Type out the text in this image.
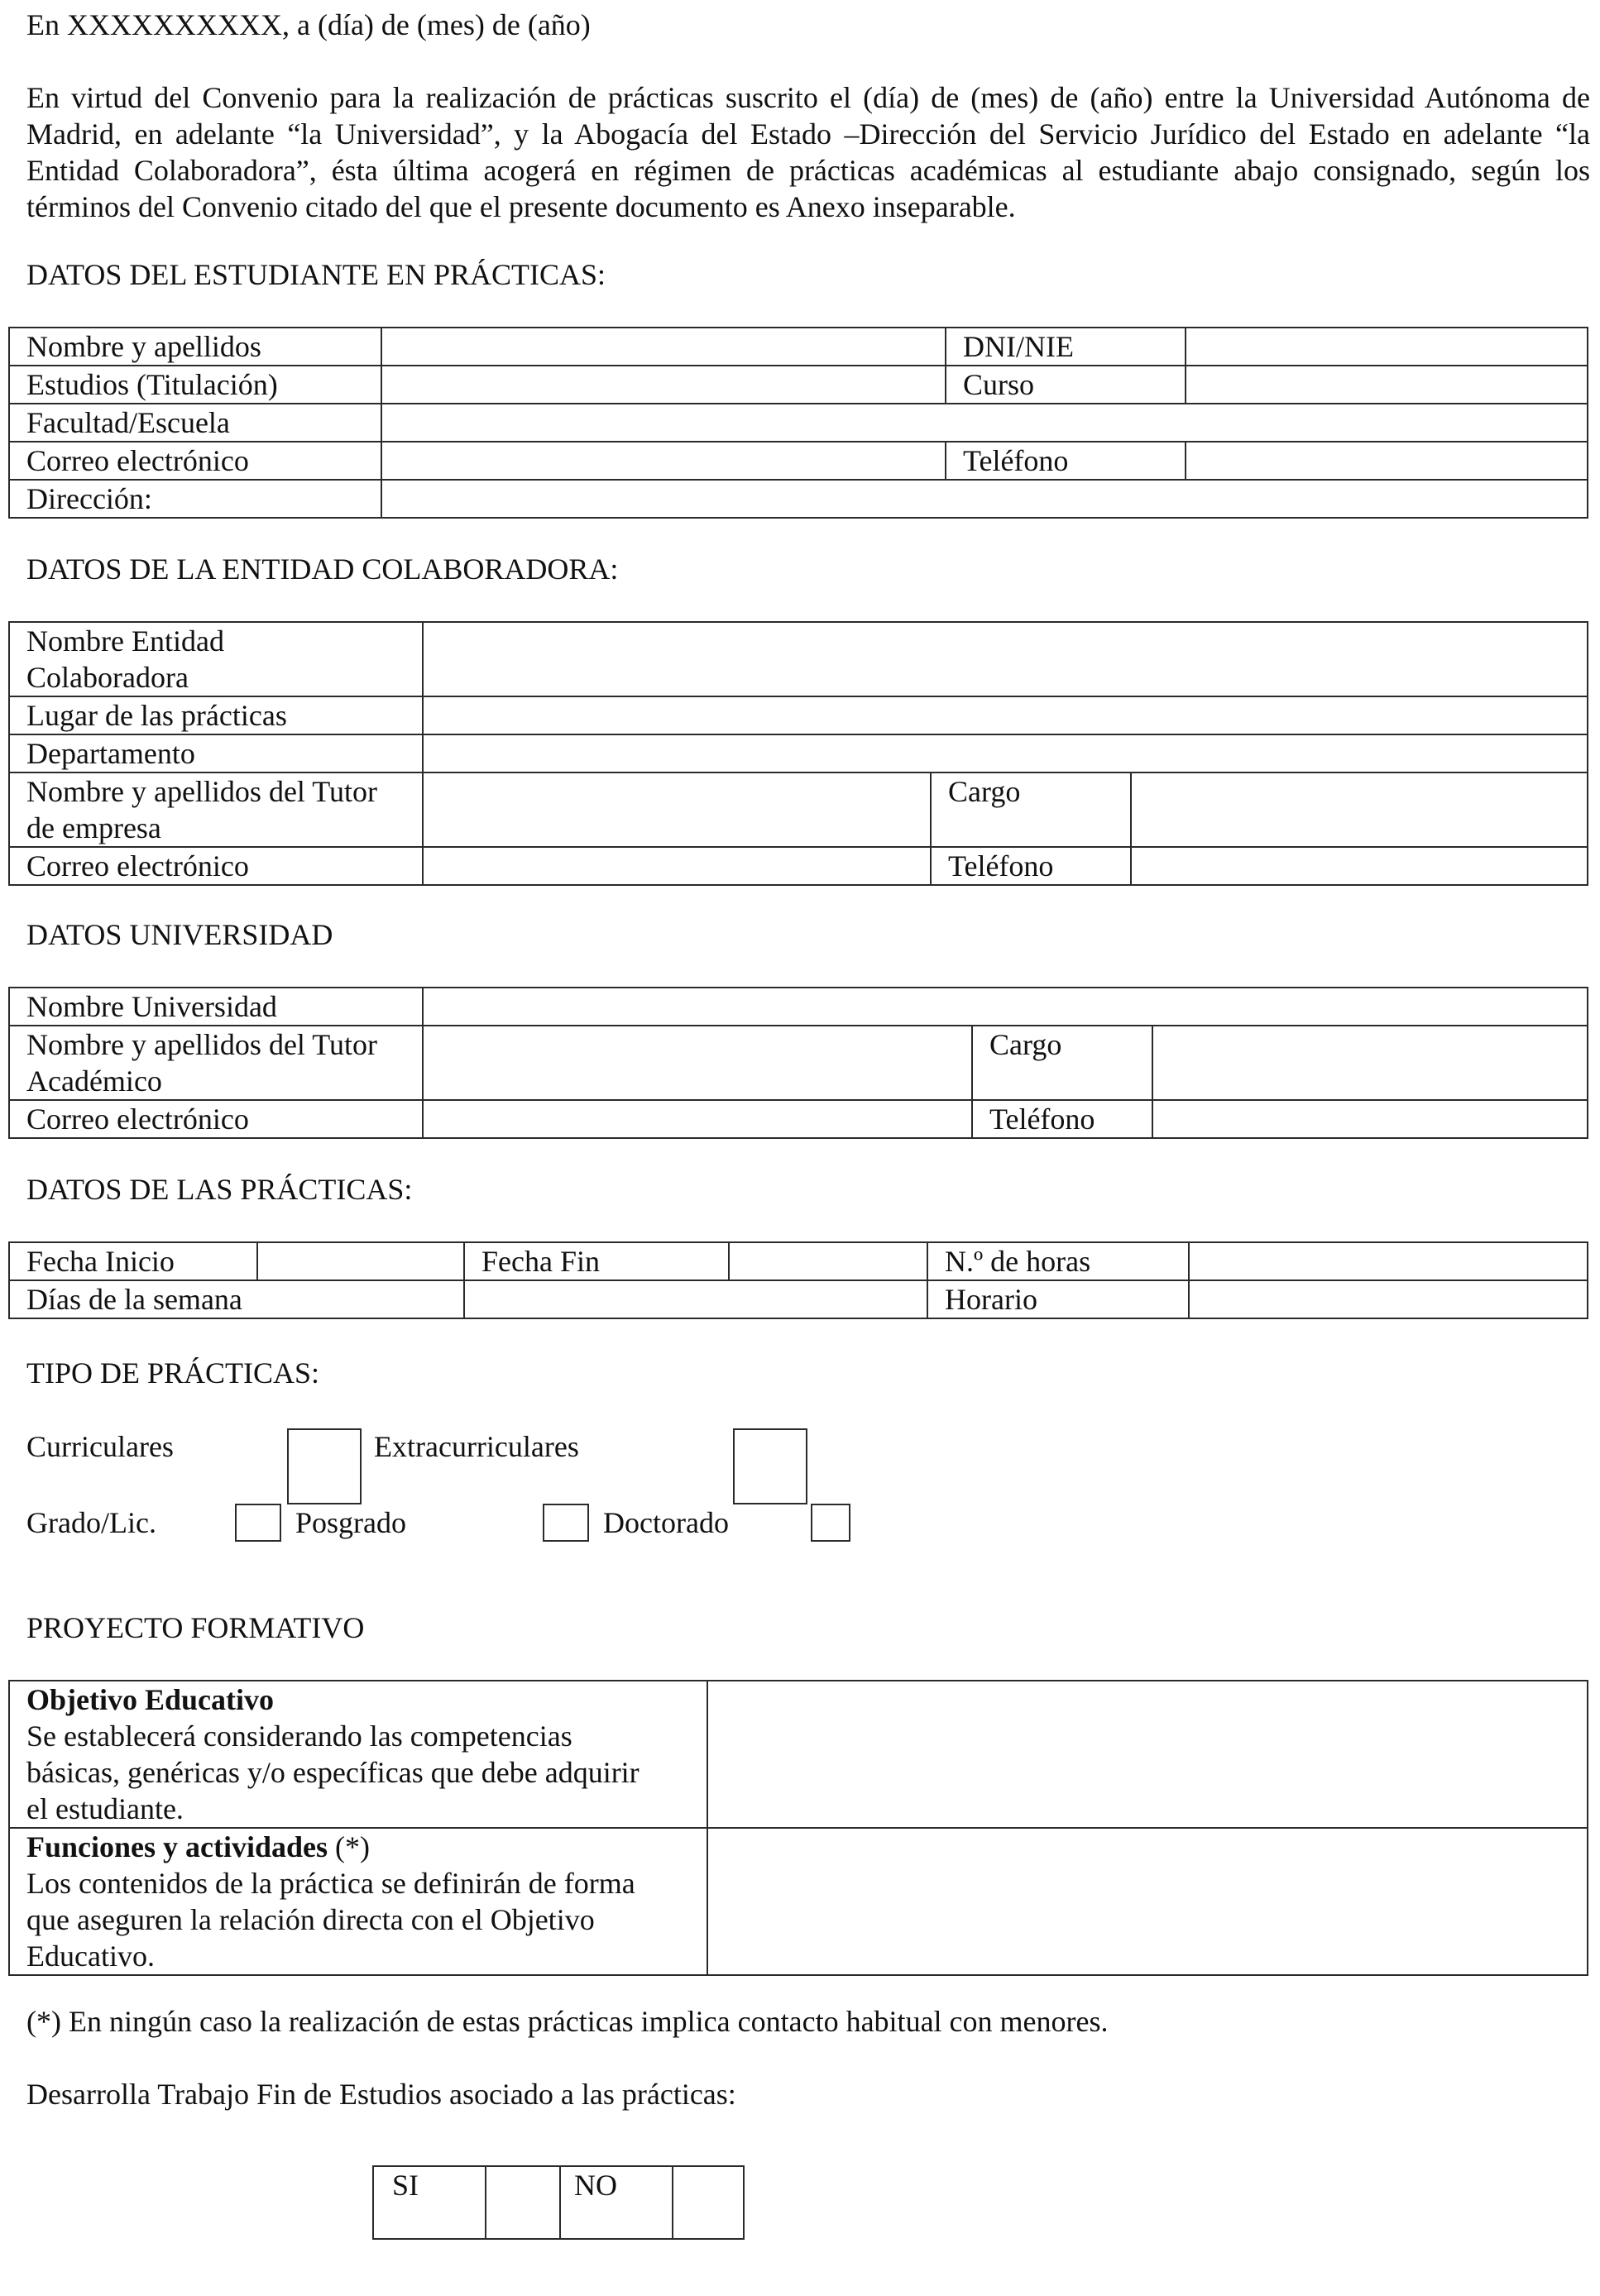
En XXXXXXXXXX, a (día) de (mes) de (año)
En virtud del Convenio para la realización de prácticas suscrito el (día) de (mes) de (año) entre la Universidad Autónoma de Madrid, en adelante “la Universidad”, y la Abogacía del Estado –Dirección del Servicio Jurídico del Estado en adelante “la Entidad Colaboradora”, ésta última acogerá en régimen de prácticas académicas al estudiante abajo consignado, según los términos del Convenio citado del que el presente documento es Anexo inseparable.
DATOS DEL ESTUDIANTE EN PRÁCTICAS:
Nombre y apellidos		DNI/NIE	
Estudios (Titulación)		Curso	
Facultad/Escuela			
Correo electrónico		Teléfono	
Dirección:			
DATOS DE LA ENTIDAD COLABORADORA:
Nombre Entidad
Colaboradora			
Lugar de las prácticas			
Departamento			
Nombre y apellidos del Tutor
de empresa		Cargo	
Correo electrónico		Teléfono	
DATOS UNIVERSIDAD
Nombre Universidad			
Nombre y apellidos del Tutor
Académico		Cargo	
Correo electrónico		Teléfono	
DATOS DE LAS PRÁCTICAS:
Fecha Inicio		Fecha Fin		N.º de horas	
Días de la semana				Horario	
TIPO DE PRÁCTICAS:
Curriculares	Extracurriculares
Grado/Lic.	Posgrado	Doctorado
PROYECTO FORMATIVO
Objetivo Educativo
Se establecerá considerando las competencias
básicas, genéricas y/o específicas que debe adquirir
el estudiante.	
Funciones y actividades (*)
Los contenidos de la práctica se definirán de forma
que aseguren la relación directa con el Objetivo
Educativo.	
(*) En ningún caso la realización de estas prácticas implica contacto habitual con menores.
Desarrolla Trabajo Fin de Estudios asociado a las prácticas:
SI		NO	
